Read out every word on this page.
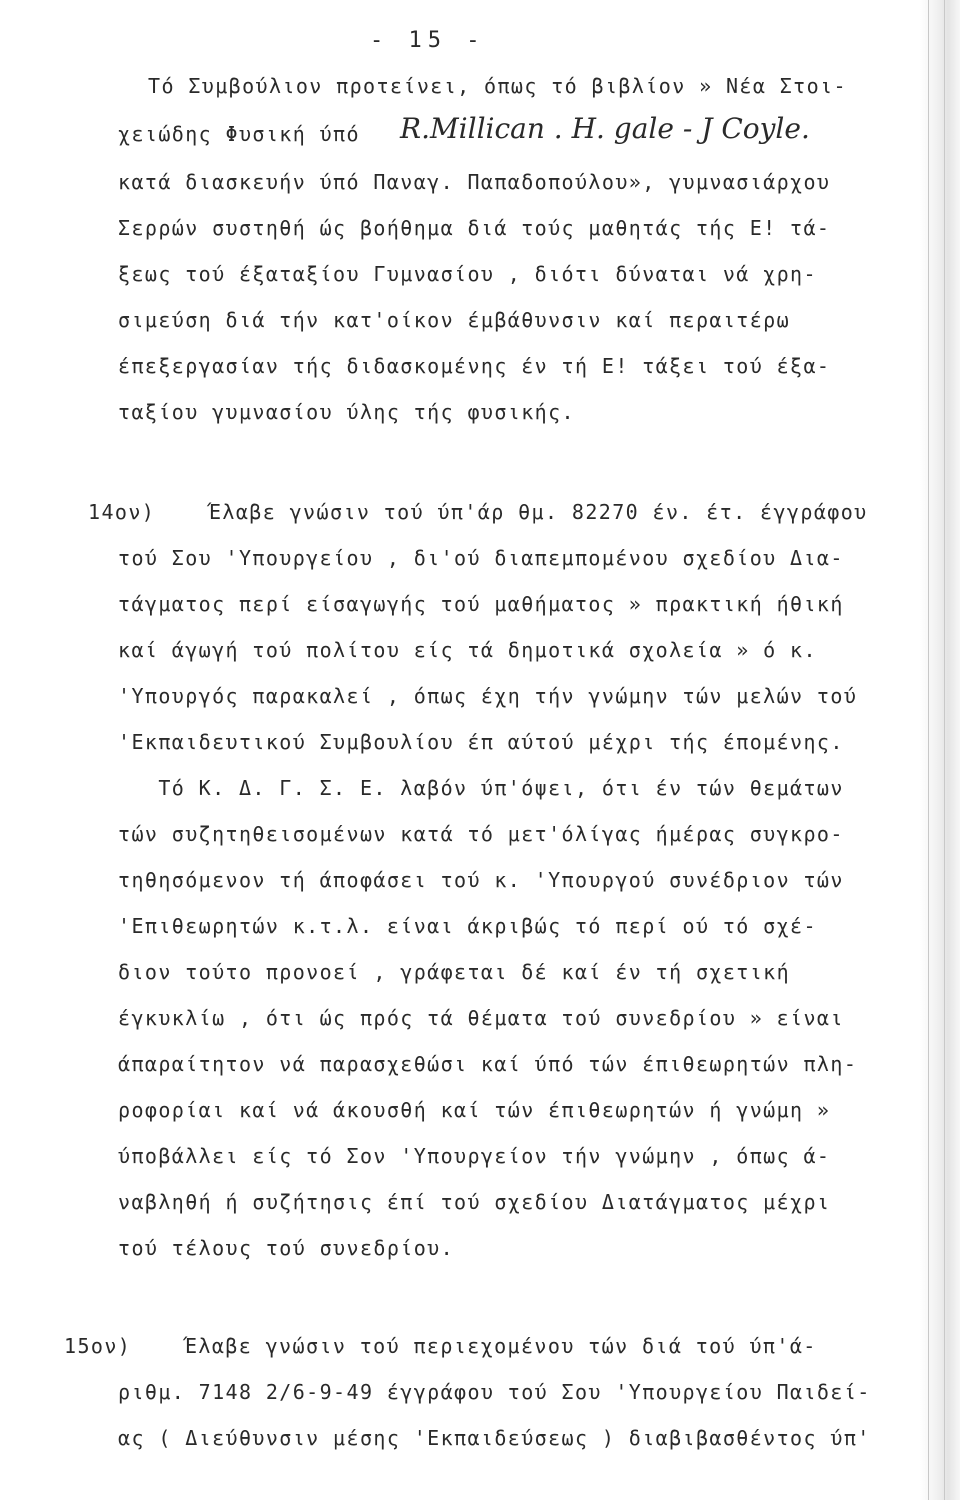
- 15 -
Τό Συμβούλιον προτείνει, όπως τό βιβλίον » Νέα Στοι-
χειώδης Φυσική ύπό R.Millican . H. gale - J Coyle.
κατά διασκευήν ύπό Παναγ. Παπαδοπούλου», γυμνασιάρχου
Σερρών συστηθή ώς βοήθημα διά τούς μαθητάς τής Ε! τά-
ξεως τού έξαταξίου Γυμνασίου , διότι δύναται νά χρη-
σιμεύση διά τήν κατ'οίκον έμβάθυνσιν καί περαιτέρω
έπεξεργασίαν τής διδασκομένης έν τή Ε! τάξει τού έξα-
ταξίου γυμνασίου ύλης τής φυσικής.
14ον)    Έλαβε γνώσιν τού ύπ'άρ θμ. 82270 έν. έτ. έγγράφου
τού Σου 'Υπουργείου , δι'ού διαπεμπομένου σχεδίου Δια-
τάγματος περί είσαγωγής τού μαθήματος » πρακτική ήθική
καί άγωγή τού πολίτου είς τά δημοτικά σχολεία » ό κ.
'Υπουργός παρακαλεί , όπως έχη τήν γνώμην τών μελών τού
'Εκπαιδευτικού Συμβουλίου έπ αύτού μέχρι τής έπομένης.
Τό Κ. Δ. Γ. Σ. Ε. λαβόν ύπ'όψει, ότι έν τών θεμάτων
τών συζητηθεισομένων κατά τό μετ'όλίγας ήμέρας συγκρο-
τηθησόμενον τή άποφάσει τού κ. 'Υπουργού συνέδριον τών
'Επιθεωρητών κ.τ.λ. είναι άκριβώς τό περί ού τό σχέ-
διον τούτο προνοεί , γράφεται δέ καί έν τή σχετική
έγκυκλίω , ότι ώς πρός τά θέματα τού συνεδρίου » είναι
άπαραίτητον νά παρασχεθώσι καί ύπό τών έπιθεωρητών πλη-
ροφορίαι καί νά άκουσθή καί τών έπιθεωρητών ή γνώμη »
ύποβάλλει είς τό Σον 'Υπουργείον τήν γνώμην , όπως ά-
ναβληθή ή συζήτησις έπί τού σχεδίου Διατάγματος μέχρι
τού τέλους τού συνεδρίου.
15ον)    Έλαβε γνώσιν τού περιεχομένου τών διά τού ύπ'ά-
ριθμ. 7148 2/6-9-49 έγγράφου τού Σου 'Υπουργείου Παιδεί-
ας ( Διεύθυνσιν μέσης 'Εκπαιδεύσεως ) διαβιβασθέντος ύπ'
